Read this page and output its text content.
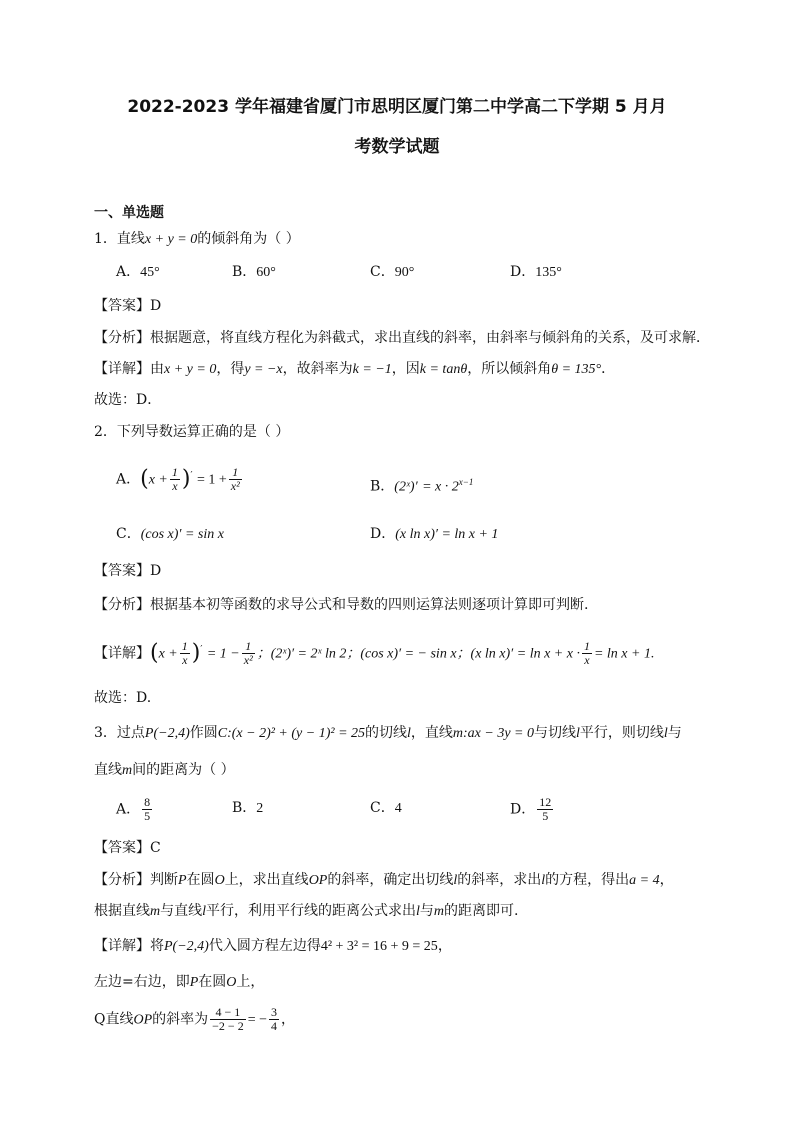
2022-2023 学年福建省厦门市思明区厦门第二中学高二下学期 5 月月
考数学试题
一、单选题
1．直线x + y = 0的倾斜角为（ ）
A．45°	B．60°	C．90°	D．135°
【答案】D
【分析】根据题意，将直线方程化为斜截式，求出直线的斜率，由斜率与倾斜角的关系，及可求解．
【详解】由x + y = 0，得y = −x，故斜率为k = −1，因k = tanθ，所以倾斜角θ = 135°．
故选：D．
2．下列导数运算正确的是（ ）
A．$(x + \frac{1}{x} )' = 1 + \frac{1}{\text{x²}}$	B．(2ˣ)′ = $x \cdot 2^{x-1}$
C．(cos x)′ = sin x	D．(x ln x)′ = ln x + 1
【答案】D
【分析】根据基本初等函数的求导公式和导数的四则运算法则逐项计算即可判断.
【详解】$(x + \frac{1}{x} )' = 1 - \frac{1}{\text{x²}}$ ；(2ˣ)′ = 2ˣ ln 2；(cos x)′ = − sin x；(x $\ln x)' = \ln x + x \cdot \frac{1}{x} = \ln x + 1$.
故选：D.
3．过点P(−2,4)作圆C:(x − 2)² + (y − 1)² = 25的切线l，直线m:ax − 3y = 0与切线l平行，则切线l与
直线m间的距离为（ ）
A． $\frac{8}{5}$	B．2	C．4	D． $\frac{12}{5}$
【答案】C
【分析】判断P在圆O上，求出直线OP的斜率，确定出切线l的斜率，求出l的方程，得出a = 4，
根据直线m与直线l平行，利用平行线的距离公式求出l与m的距离即可.
【详解】将P(−2,4)代入圆方程左边得4² + 3² = 16 + 9 = 25，
左边=右边，即P在圆O上，
Q直线OP的斜率为 $\frac{4 - 1}{-2 - 2}$ = − $\frac{3}{4}$ ，
